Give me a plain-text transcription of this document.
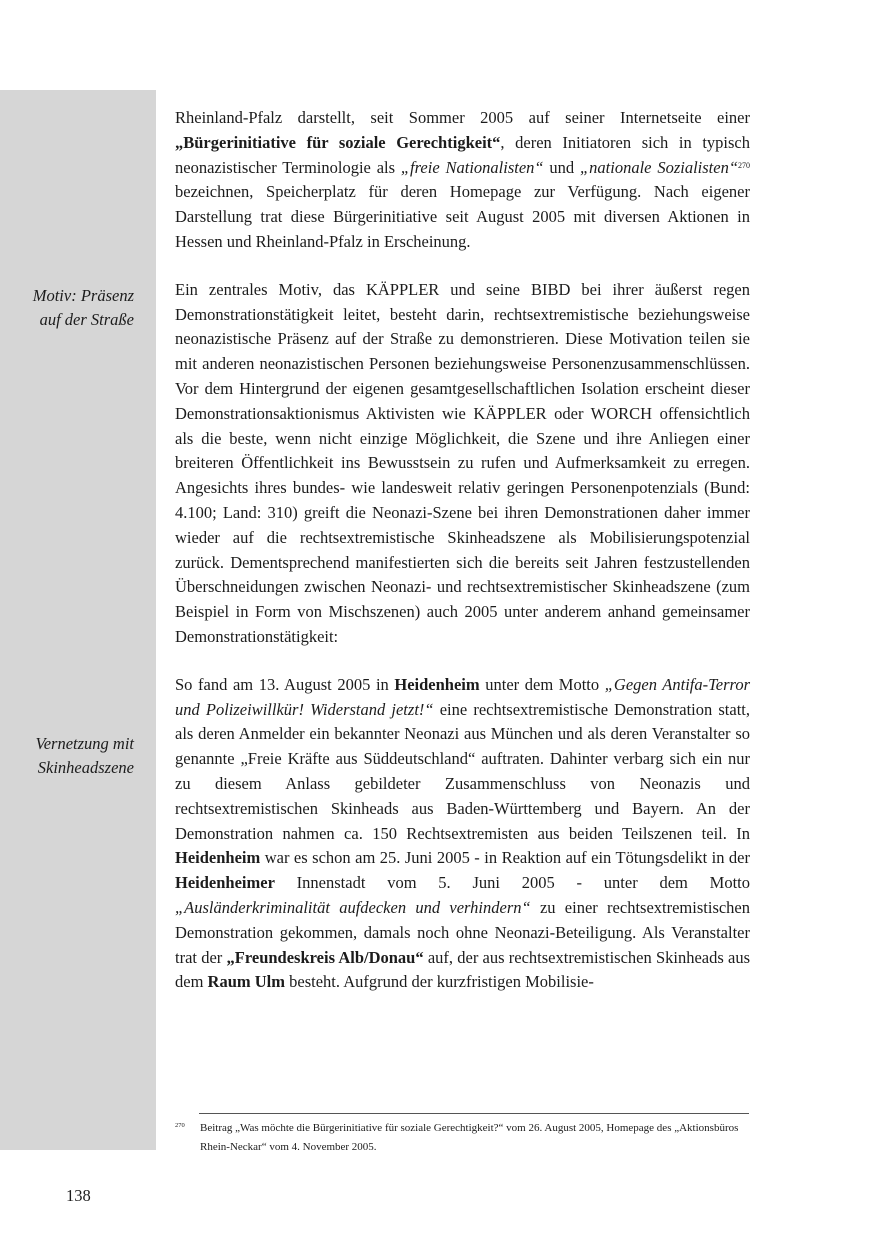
Motiv: Präsenz
auf der Straße
Vernetzung mit
Skinheadszene

Rheinland-Pfalz darstellt, seit Sommer 2005 auf seiner Internetseite einer „Bürgerinitiative für soziale Gerechtigkeit“, deren Initiatoren sich in typisch neonazistischer Terminologie als „freie Nationalisten“ und „nationale Sozialisten“$^{270}$ bezeichnen, Speicherplatz für deren Homepage zur Verfügung. Nach eigener Darstellung trat diese Bürgerinitiative seit August 2005 mit diversen Aktionen in Hessen und Rheinland-Pfalz in Erscheinung.

Ein zentrales Motiv, das KÄPPLER und seine BIBD bei ihrer äußerst regen Demonstrationstätigkeit leitet, besteht darin, rechtsextremistische beziehungsweise neonazistische Präsenz auf der Straße zu demonstrieren. Diese Motivation teilen sie mit anderen neonazistischen Personen beziehungsweise Personenzusammenschlüssen. Vor dem Hintergrund der eigenen gesamtgesellschaftlichen Isolation erscheint dieser Demonstrationsaktionismus Aktivisten wie KÄPPLER oder WORCH offensichtlich als die beste, wenn nicht einzige Möglichkeit, die Szene und ihre Anliegen einer breiteren Öffentlichkeit ins Bewusstsein zu rufen und Aufmerksamkeit zu erregen. Angesichts ihres bundes- wie landesweit relativ geringen Personenpotenzials (Bund: 4.100; Land: 310) greift die Neonazi-Szene bei ihren Demonstrationen daher immer wieder auf die rechtsextremistische Skinheadszene als Mobilisierungspotenzial zurück. Dementsprechend manifestierten sich die bereits seit Jahren festzustellenden Überschneidungen zwischen Neonazi- und rechtsextremistischer Skinheadszene (zum Beispiel in Form von Mischszenen) auch 2005 unter anderem anhand gemeinsamer Demonstrationstätigkeit:

So fand am 13. August 2005 in Heidenheim unter dem Motto „Gegen Antifa-Terror und Polizeiwillkür! Widerstand jetzt!“ eine rechtsextremistische Demonstration statt, als deren Anmelder ein bekannter Neonazi aus München und als deren Veranstalter so genannte „Freie Kräfte aus Süddeutschland“ auftraten. Dahinter verbarg sich ein nur zu diesem Anlass gebildeter Zusammenschluss von Neonazis und rechtsextremistischen Skinheads aus Baden-Württemberg und Bayern. An der Demonstration nahmen ca. 150 Rechtsextremisten aus beiden Teilszenen teil. In Heidenheim war es schon am 25. Juni 2005 - in Reaktion auf ein Tötungsdelikt in der Heidenheimer Innenstadt vom 5. Juni 2005 - unter dem Motto „Ausländerkriminalität aufdecken und verhindern“ zu einer rechtsextremistischen Demonstration gekommen, damals noch ohne Neonazi-Beteiligung. Als Veranstalter trat der „Freundeskreis Alb/Donau“ auf, der aus rechtsextremistischen Skinheads aus dem Raum Ulm besteht. Aufgrund der kurzfristigen Mobilisie-

270 Beitrag „Was möchte die Bürgerinitiative für soziale Gerechtigkeit?“ vom 26. August 2005, Homepage des „Aktionsbüros Rhein-Neckar“ vom 4. November 2005.
138
